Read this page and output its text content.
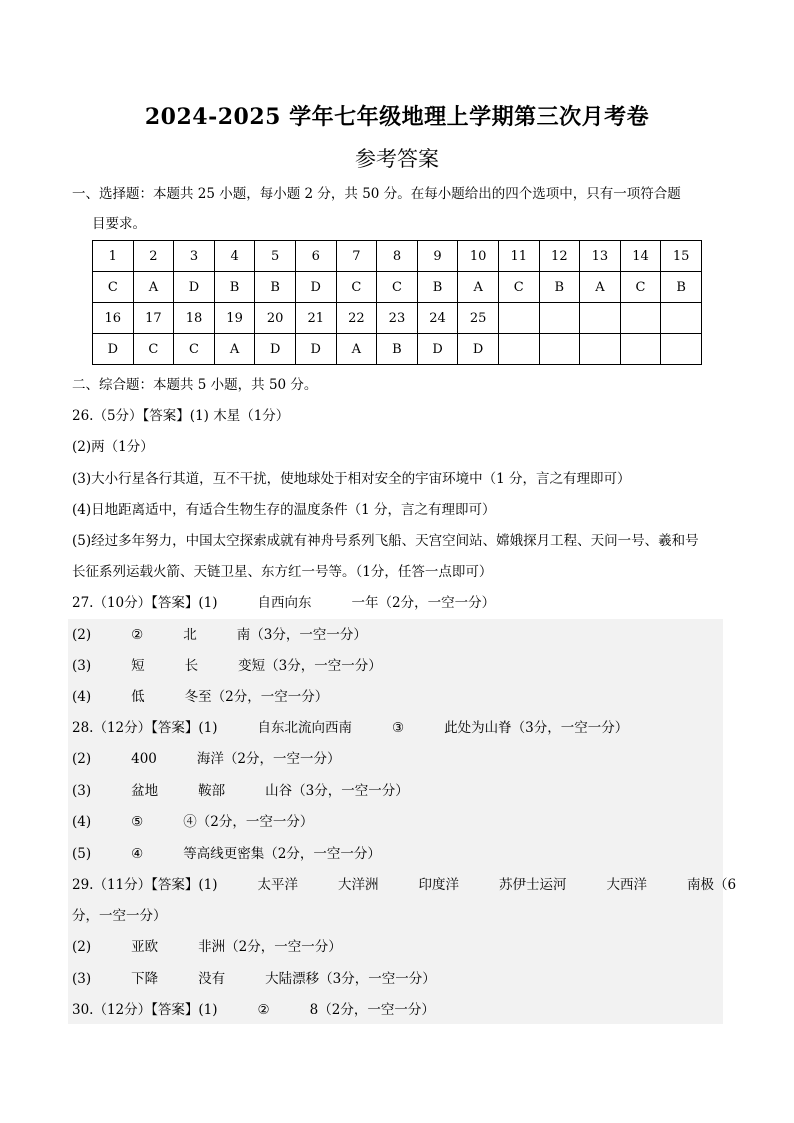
2024-2025 学年七年级地理上学期第三次月考卷
参考答案
一、选择题：本题共 25 小题，每小题 2 分，共 50 分。在每小题给出的四个选项中，只有一项符合题
目要求。
1	2	3	4	5	6	7	8	9	10	11	12	13	14	15
C	A	D	B	B	D	C	C	B	A	C	B	A	C	B
16	17	18	19	20	21	22	23	24	25					
D	C	C	A	D	D	A	B	D	D					
二、综合题：本题共 5 小题，共 50 分。
26.（5分）【答案】(1) 木星（1分）
(2)两（1分）
(3)大小行星各行其道，互不干扰，使地球处于相对安全的宇宙环境中（1 分，言之有理即可）
(4)日地距离适中，有适合生物生存的温度条件（1 分，言之有理即可）
(5)经过多年努力，中国太空探索成就有神舟号系列飞船、天宫空间站、嫦娥探月工程、天问一号、羲和号
长征系列运载火箭、天链卫星、东方红一号等。（1分，任答一点即可）
27.（10分）【答案】(1)	自西向东	一年（2分，一空一分）
(2)	②	北	南（3分，一空一分）
(3)	短	长	变短（3分，一空一分）
(4)	低	冬至（2分，一空一分）
28.（12分）【答案】(1)	自东北流向西南	③	此处为山脊（3分，一空一分）
(2)	400	海洋（2分，一空一分）
(3)	盆地	鞍部	山谷（3分，一空一分）
(4)	⑤	④（2分，一空一分）
(5)	④	等高线更密集（2分，一空一分）
29.（11分）【答案】(1)	太平洋	大洋洲	印度洋	苏伊士运河	大西洋	南极（6
分，一空一分）
(2)	亚欧	非洲（2分，一空一分）
(3)	下降	没有	大陆漂移（3分，一空一分）
30.（12分）【答案】(1)	②	8（2分，一空一分）
